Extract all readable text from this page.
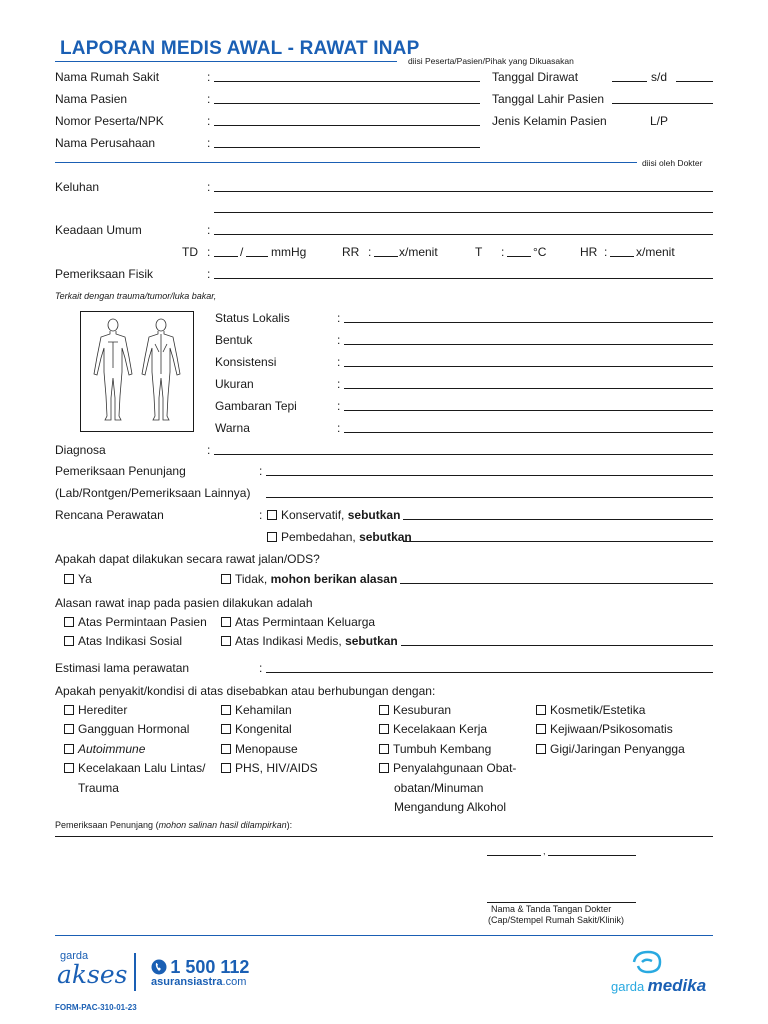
LAPORAN MEDIS AWAL - RAWAT INAP
diisi Peserta/Pasien/Pihak yang Dikuasakan
Nama Rumah Sakit	:
Nama Pasien	:
Nomor Peserta/NPK	:
Nama Perusahaan	:
Tanggal Dirawat	s/d
Tanggal Lahir Pasien
Jenis Kelamin Pasien	L/P
diisi oleh Dokter
Keluhan	:
Keadaan Umum	:
TD : / mmHg	RR : x/menit	T : °C	HR : x/menit
Pemeriksaan Fisik	:
Terkait dengan trauma/tumor/luka bakar,
Status Lokalis	:
Bentuk	:
Konsistensi	:
Ukuran	:
Gambaran Tepi	:
Warna	:
Diagnosa	:
Pemeriksaan Penunjang	:
(Lab/Rontgen/Pemeriksaan Lainnya)
Rencana Perawatan	:	Konservatif, sebutkan
Pembedahan, sebutkan
Apakah dapat dilakukan secara rawat jalan/ODS?
Ya	Tidak, mohon berikan alasan
Alasan rawat inap pada pasien dilakukan adalah
Atas Permintaan Pasien	Atas Permintaan Keluarga
Atas Indikasi Sosial	Atas Indikasi Medis, sebutkan
Estimasi lama perawatan	:
Apakah penyakit/kondisi di atas disebabkan atau berhubungan dengan:
Herediter
Gangguan Hormonal
Autoimmune
Kecelakaan Lalu Lintas/
Trauma
Kehamilan
Kongenital
Menopause
PHS, HIV/AIDS
Kesuburan
Kecelakaan Kerja
Tumbuh Kembang
Penyalahgunaan Obat-
obatan/Minuman
Mengandung Alkohol
Kosmetik/Estetika
Kejiwaan/Psikosomatis
Gigi/Jaringan Penyangga
Pemeriksaan Penunjang (mohon salinan hasil dilampirkan):
,
Nama & Tanda Tangan Dokter
(Cap/Stempel Rumah Sakit/Klinik)
garda
akses	1 500 112
asuransiastra.com	garda medika
FORM-PAC-310-01-23
